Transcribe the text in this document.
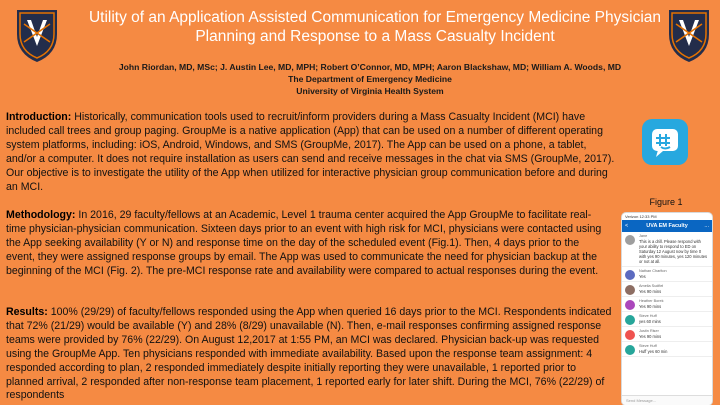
Utility of an Application Assisted Communication for Emergency Medicine Physician Planning and Response to a Mass Casualty Incident
John Riordan, MD, MSc; J. Austin Lee, MD, MPH; Robert O’Connor, MD, MPH; Aaron Blackshaw, MD; William A. Woods, MD
The Department of Emergency Medicine
University of Virginia Health System
Introduction: Historically, communication tools used to recruit/inform providers during a Mass Casualty Incident (MCI) have included call trees and group paging. GroupMe is a native application (App) that can be used on a number of different operating system platforms, including: iOS, Android, Windows, and SMS (GroupMe, 2017). The App can be used on a phone, a tablet, and/or a computer. It does not require installation as users can send and receive messages in the chat via SMS (GroupMe, 2017). Our objective is to investigate the utility of the App when utilized for interactive physician group communication before and during an MCI.
Methodology: In 2016, 29 faculty/fellows at an Academic, Level 1 trauma center acquired the App GroupMe to facilitate real-time physician-physician communication. Sixteen days prior to an event with high risk for MCI, physicians were contacted using the App seeking availability (Y or N) and response time on the day of the scheduled event (Fig.1). Then, 4 days prior to the event, they were assigned response groups by email. The App was used to communicate the need for physician backup at the beginning of the MCI (Fig. 2). The pre-MCI response rate and availability were compared to actual responses during the event.
Results: 100% (29/29) of faculty/fellows responded using the App when queried 16 days prior to the MCI. Respondents indicated that 72% (21/29) would be available (Y) and 28% (8/29) unavailable (N). Then, e-mail responses confirming assigned response teams were provided by 76% (22/29). On August 12,2017 at 1:55 PM, an MCI was declared. Physician back-up was requested using the GroupMe App. Ten physicians responded with immediate availability. Based upon the response team assignment: 4 responded according to plan, 2 responded immediately despite initially reporting they were unavailable, 1 reported prior to planned arrival, 2 responded after non-response team placement, 1 reported early for later shift. During the MCI, 76% (22/29) of respondents
Figure 1
Verizon 12:33 PM
<	UVA EM Faculty	...
Jane
This is a drill. Please respond with your ability to respond to ED on Saturday 12 August now by time 0 with yes 90 minutes, yes 120 minutes or not at all.
Nathan Charlton
Yes
Amelia Sudfiel
Yes 90 mins
Heather Borek
Yes 90 mins
Steve Huff
yes 60 mins
Justin Riser
Yes 90 mins
Steve Huff
Huff yes 60 min
Send Message...
